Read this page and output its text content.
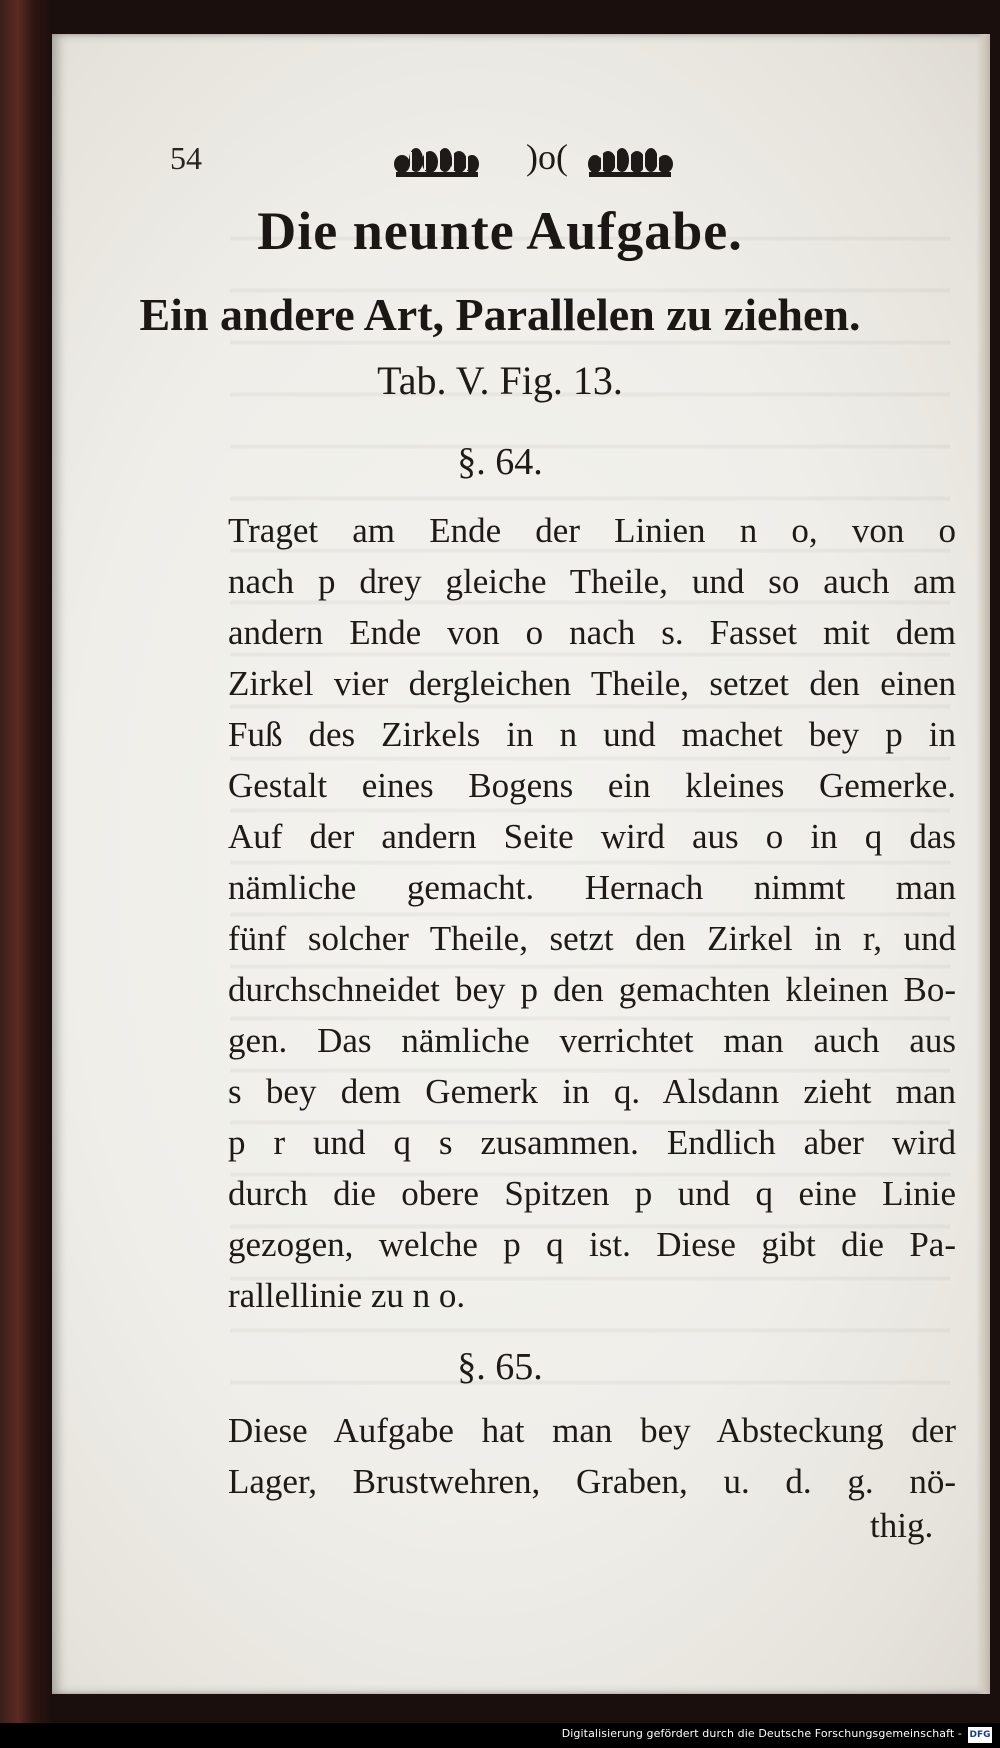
54	)o(
Die neunte Aufgabe.
Ein andere Art, Parallelen zu ziehen.
Tab. V. Fig. 13.
§. 64.
Traget am Ende der Linien n o, von o
nach p drey gleiche Theile, und so auch am
andern Ende von o nach s. Fasset mit dem
Zirkel vier dergleichen Theile, setzet den einen
Fuß des Zirkels in n und machet bey p in
Gestalt eines Bogens ein kleines Gemerke.
Auf der andern Seite wird aus o in q das
nämliche gemacht. Hernach nimmt man
fünf solcher Theile, setzt den Zirkel in r, und
durchschneidet bey p den gemachten kleinen Bo-
gen. Das nämliche verrichtet man auch aus
s bey dem Gemerk in q. Alsdann zieht man
p r und q s zusammen. Endlich aber wird
durch die obere Spitzen p und q eine Linie
gezogen, welche p q ist. Diese gibt die Pa-
rallellinie zu n o.
§. 65.
Diese Aufgabe hat man bey Absteckung der
Lager, Brustwehren, Graben, u. d. g. nö-
thig.
Digitalisierung gefördert durch die Deutsche Forschungsgemeinschaft - DFG
